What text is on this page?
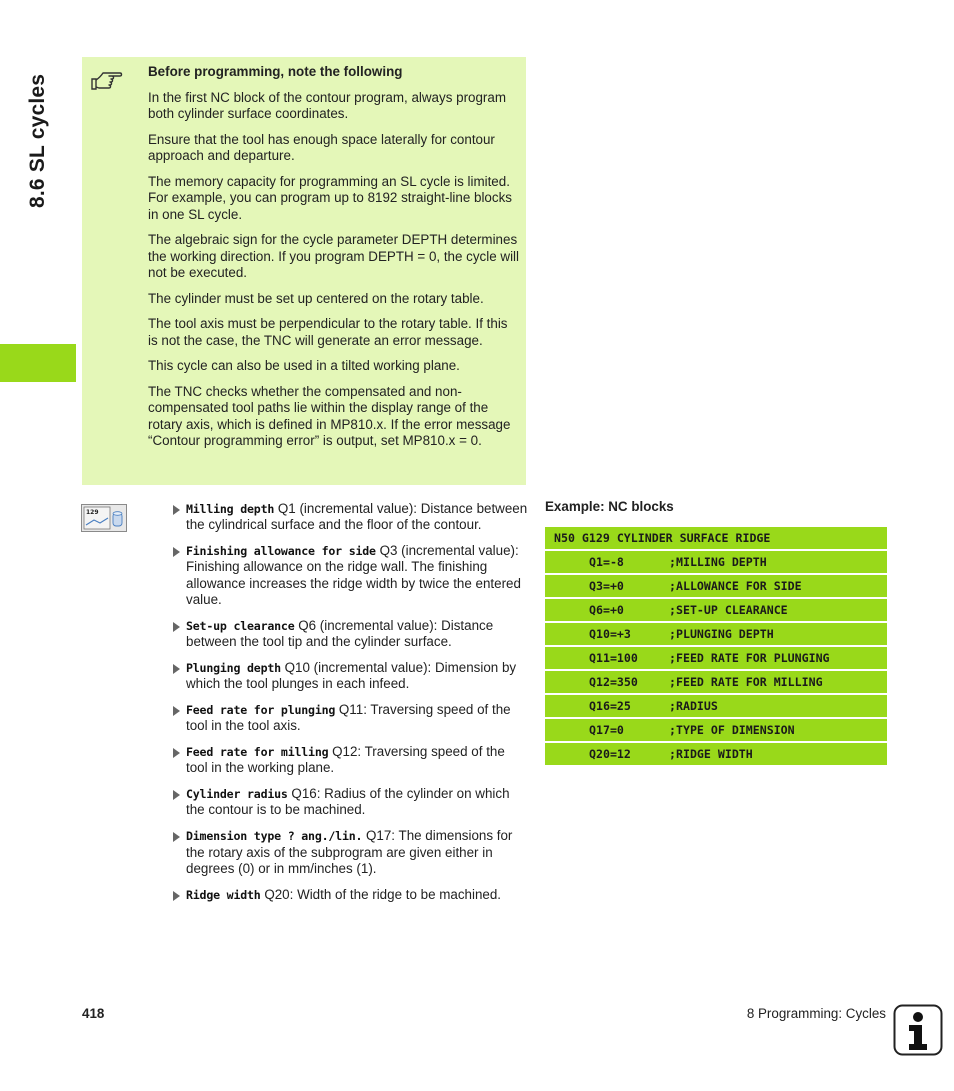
8.6 SL cycles

Before programming, note the following

In the first NC block of the contour program, always program both cylinder surface coordinates.

Ensure that the tool has enough space laterally for contour approach and departure.

The memory capacity for programming an SL cycle is limited. For example, you can program up to 8192 straight-line blocks in one SL cycle.

The algebraic sign for the cycle parameter DEPTH determines the working direction. If you program DEPTH = 0, the cycle will not be executed.

The cylinder must be set up centered on the rotary table.

The tool axis must be perpendicular to the rotary table. If this is not the case, the TNC will generate an error message.

This cycle can also be used in a tilted working plane.

The TNC checks whether the compensated and non-compensated tool paths lie within the display range of the rotary axis, which is defined in MP810.x. If the error message “Contour programming error” is output, set MP810.x = 0.

129	Milling depth Q1 (incremental value): Distance between the cylindrical surface and the floor of the contour.
Finishing allowance for side Q3 (incremental value): Finishing allowance on the ridge wall. The finishing allowance increases the ridge width by twice the entered value.
Set-up clearance Q6 (incremental value): Distance between the tool tip and the cylinder surface.
Plunging depth Q10 (incremental value): Dimension by which the tool plunges in each infeed.
Feed rate for plunging Q11: Traversing speed of the tool in the tool axis.
Feed rate for milling Q12: Traversing speed of the tool in the working plane.
Cylinder radius Q16: Radius of the cylinder on which the contour is to be machined.
Dimension type ? ang./lin. Q17: The dimensions for the rotary axis of the subprogram are given either in degrees (0) or in mm/inches (1).
Ridge width Q20: Width of the ridge to be machined.
Example: NC blocks
N50 G129 CYLINDER SURFACE RIDGE
Q1=-8	;MILLING DEPTH
Q3=+0	;ALLOWANCE FOR SIDE
Q6=+0	;SET-UP CLEARANCE
Q10=+3	;PLUNGING DEPTH
Q11=100	;FEED RATE FOR PLUNGING
Q12=350	;FEED RATE FOR MILLING
Q16=25	;RADIUS
Q17=0	;TYPE OF DIMENSION
Q20=12	;RIDGE WIDTH
418	8 Programming: Cycles
